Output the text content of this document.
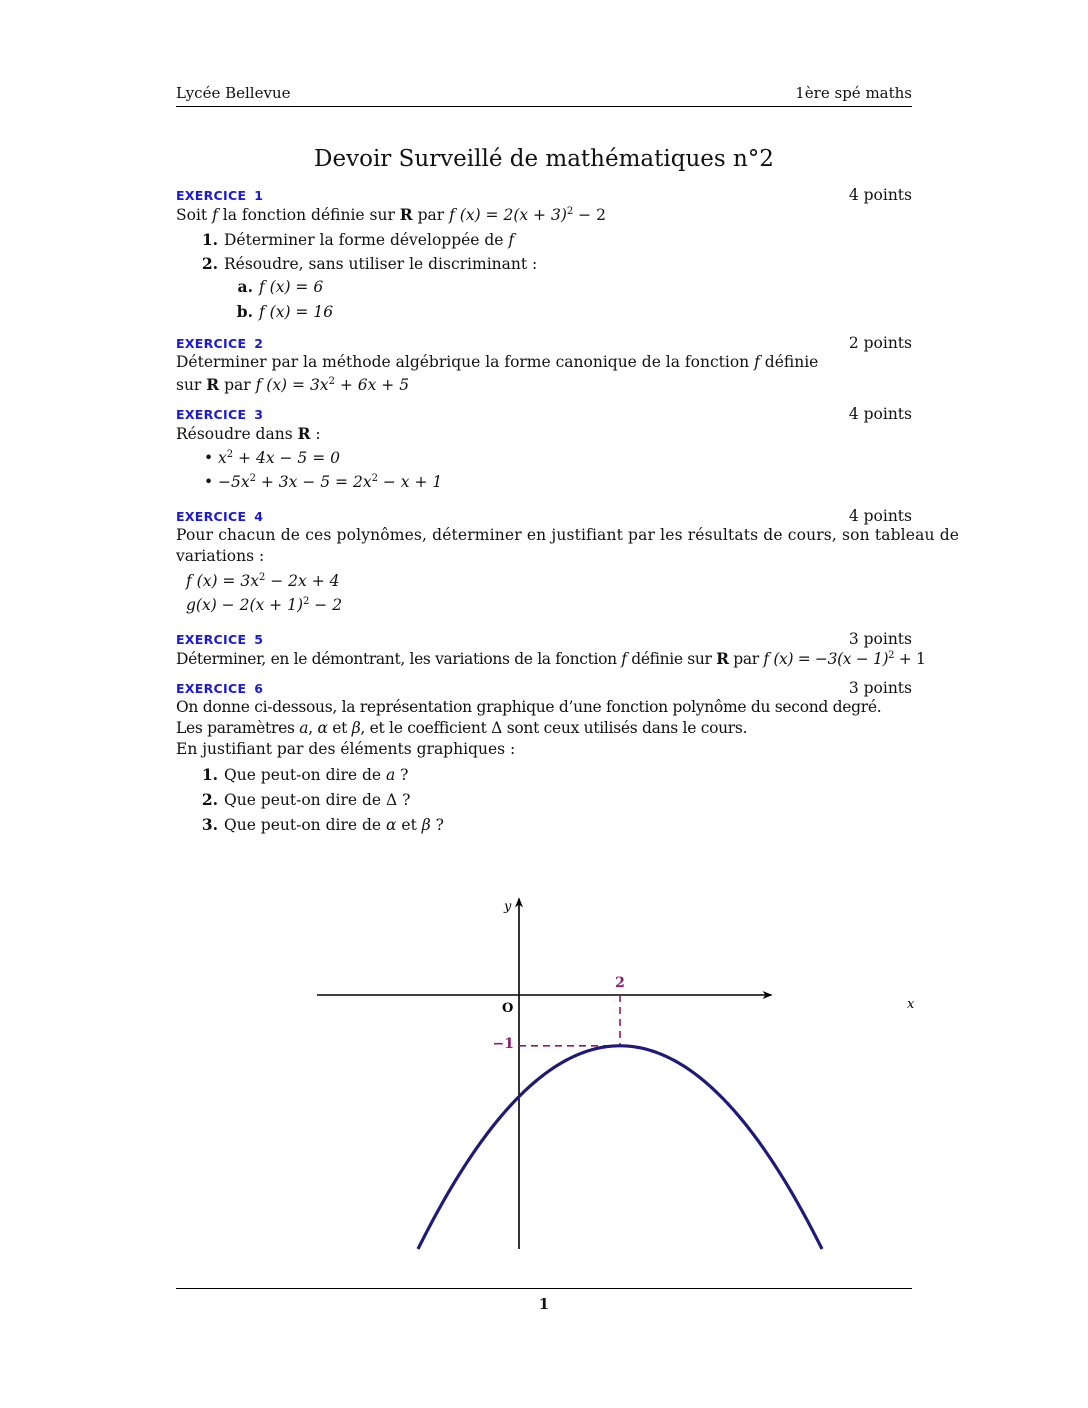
Lycée Bellevue	1ère spé maths
Devoir Surveillé de mathématiques n°2
EXERCICE 1	4 points
Soit f la fonction définie sur R par f $(x) = 2(x + 3)^2 - 2$
1. Déterminer la forme développée de f
2. Résoudre, sans utiliser le discriminant :
a. f (x) = 6
b. f (x) = 16
EXERCICE 2	2 points
Déterminer par la méthode algébrique la forme canonique de la fonction f définie
sur R par f $(x) = 3x^2 + 6x + 5$
EXERCICE 3	4 points
Résoudre dans R :
• $x^2 + 4x - 5 = 0$
• $-5x^2 + 3x - 5 = 2x^2 - x + 1$
EXERCICE 4	4 points
Pour chacun de ces polynômes, déterminer en justifiant par les résultats de cours, son tableau de
variations :
f $(x) = 3x^2 - 2x + 4$
$g(x) - 2(x + 1)^2 - 2$
EXERCICE 5	3 points
Déterminer, en le démontrant, les variations de la fonction f définie sur R par f $(x) = -3(x - 1)^2 + 1$
EXERCICE 6	3 points
On donne ci-dessous, la représentation graphique d’une fonction polynôme du second degré.
Les paramètres a, α et β, et le coefficient Δ sont ceux utilisés dans le cours.
En justifiant par des éléments graphiques :
1. Que peut-on dire de a ?
2. Que peut-on dire de Δ ?
3. Que peut-on dire de α et β ?
1
x
y
O
2
−1
